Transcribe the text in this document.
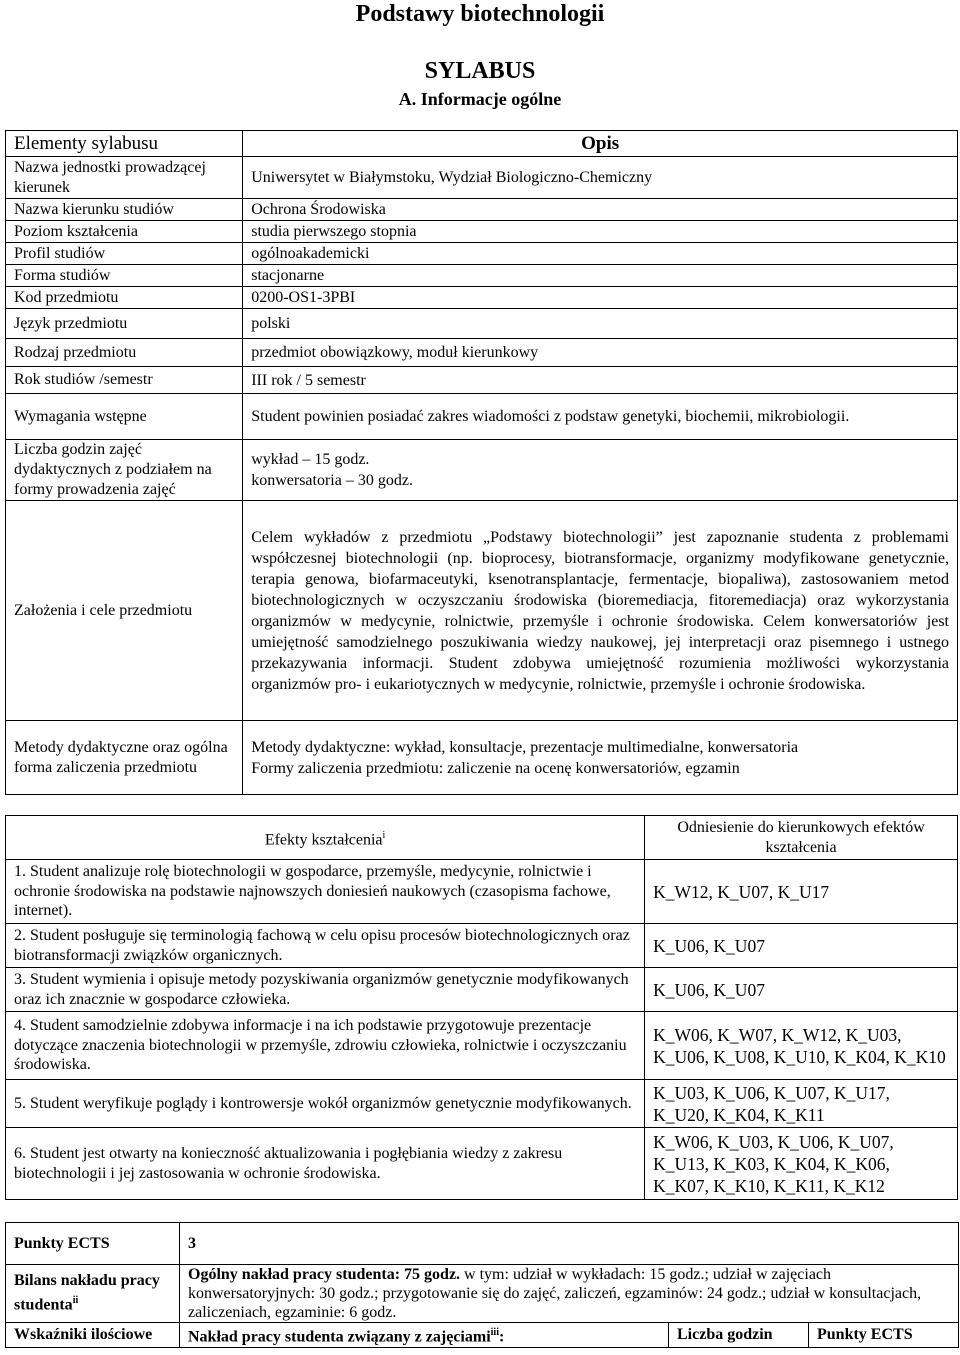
Podstawy biotechnologii
SYLABUS
A. Informacje ogólne
Elementy sylabusu	Opis
Nazwa jednostki prowadzącej kierunek	Uniwersytet w Białymstoku, Wydział Biologiczno-Chemiczny
Nazwa kierunku studiów	Ochrona Środowiska
Poziom kształcenia	studia pierwszego stopnia
Profil studiów	ogólnoakademicki
Forma studiów	stacjonarne
Kod przedmiotu	0200-OS1-3PBI
Język przedmiotu	polski
Rodzaj przedmiotu	przedmiot obowiązkowy, moduł kierunkowy
Rok studiów /semestr	III rok / 5 semestr
Wymagania wstępne	Student powinien posiadać zakres wiadomości z podstaw genetyki, biochemii, mikrobiologii.
Liczba godzin zajęć dydaktycznych z podziałem na formy prowadzenia zajęć	wykład – 15 godz.
konwersatoria – 30 godz.

Założenia i cele przedmiotu	Celem wykładów z przedmiotu „Podstawy biotechnologii” jest zapoznanie studenta z problemami współczesnej biotechnologii (np. bioprocesy, biotransformacje, organizmy modyfikowane genetycznie, terapia genowa, biofarmaceutyki, ksenotransplantacje, fermentacje, biopaliwa), zastosowaniem metod biotechnologicznych w oczyszczaniu środowiska (bioremediacja, fitoremediacja) oraz wykorzystania organizmów w medycynie, rolnictwie, przemyśle i ochronie środowiska. Celem konwersatoriów jest umiejętność samodzielnego poszukiwania wiedzy naukowej, jej interpretacji oraz pisemnego i ustnego przekazywania informacji. Student zdobywa umiejętność rozumienia możliwości wykorzystania organizmów pro- i eukariotycznych w medycynie, rolnictwie, przemyśle i ochronie środowiska.
Metody dydaktyczne oraz ogólna forma zaliczenia przedmiotu	Metody dydaktyczne: wykład, konsultacje, prezentacje multimedialne, konwersatoria
Formy zaliczenia przedmiotu: zaliczenie na ocenę konwersatoriów, egzamin
Efekty kształcenia$^i$	Odniesienie do kierunkowych efektów kształcenia
1. Student analizuje rolę biotechnologii w gospodarce, przemyśle, medycynie, rolnictwie i ochronie środowiska na podstawie najnowszych doniesień naukowych (czasopisma fachowe, internet).	K_W12, K_U07, K_U17
2. Student posługuje się terminologią fachową w celu opisu procesów biotechnologicznych oraz biotransformacji związków organicznych.	K_U06, K_U07
3. Student wymienia i opisuje metody pozyskiwania organizmów genetycznie modyfikowanych oraz ich znacznie w gospodarce człowieka.	K_U06, K_U07
4. Student samodzielnie zdobywa informacje i na ich podstawie przygotowuje prezentacje dotyczące znaczenia biotechnologii w przemyśle, zdrowiu człowieka, rolnictwie i oczyszczaniu środowiska.	K_W06, K_W07, K_W12, K_U03, K_U06, K_U08, K_U10, K_K04, K_K10
5. Student weryfikuje poglądy i kontrowersje wokół organizmów genetycznie modyfikowanych.	K_U03, K_U06, K_U07, K_U17, K_U20, K_K04, K_K11
6. Student jest otwarty na konieczność aktualizowania i pogłębiania wiedzy z zakresu biotechnologii i jej zastosowania w ochronie środowiska.	K_W06, K_U03, K_U06, K_U07, K_U13, K_K03, K_K04, K_K06, K_K07, K_K10, K_K11, K_K12
Punkty ECTS	3		
Bilans nakładu pracy studenta$^{ii}$	Ogólny nakład pracy studenta: 75 godz. w tym: udział w wykładach: 15 godz.; udział w zajęciach konwersatoryjnych: 30 godz.; przygotowanie się do zajęć, zaliczeń, egzaminów: 24 godz.; udział w konsultacjach, zaliczeniach, egzaminie: 6 godz.		
Wskaźniki ilościowe	Nakład pracy studenta związany z zajęciami$^{iii}$:	Liczba godzin	Punkty ECTS
